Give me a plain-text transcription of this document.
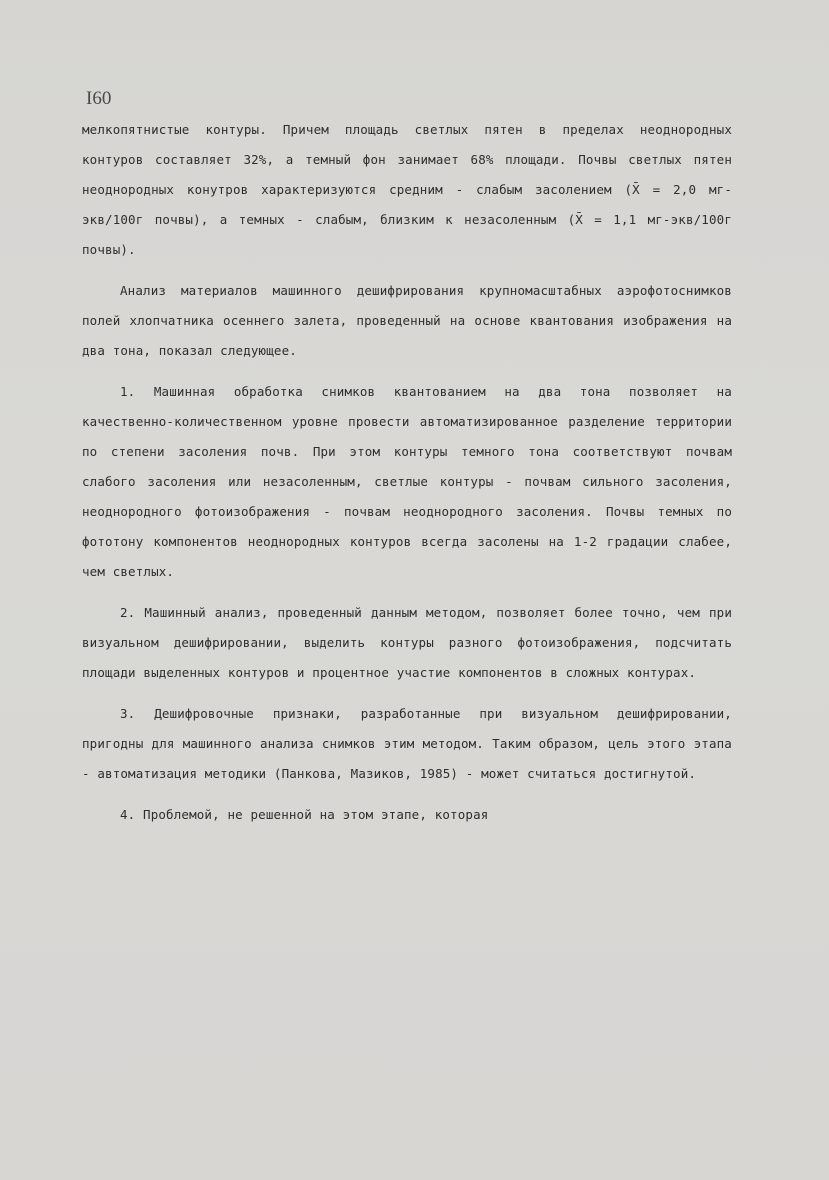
I60

мелкопятнистые контуры. Причем площадь светлых пятен в пределах неоднородных контуров составляет 32%, а темный фон занимает 68% площади. Почвы светлых пятен неоднородных конутров характеризуются средним - слабым засолением (X̄ = 2,0 мг-экв/100г почвы), а темных - слабым, близким к незасоленным (X̄ = 1,1 мг-экв/100г почвы).

Анализ материалов машинного дешифрирования крупномасштабных аэрофотоснимков полей хлопчатника осеннего залета, проведенный на основе квантования изображения на два тона, показал следующее.

1. Машинная обработка снимков квантованием на два тона позволяет на качественно-количественном уровне провести автоматизированное разделение территории по степени засоления почв. При этом контуры темного тона соответствуют почвам слабого засоления или незасоленным, светлые контуры - почвам сильного засоления, неоднородного фотоизображения - почвам неоднородного засоления. Почвы темных по фототону компонентов неоднородных контуров всегда засолены на 1-2 градации слабее, чем светлых.

2. Машинный анализ, проведенный данным методом, позволяет более точно, чем при визуальном дешифрировании, выделить контуры разного фотоизображения, подсчитать площади выделенных контуров и процентное участие компонентов в сложных контурах.

3. Дешифровочные признаки, разработанные при визуальном дешифрировании, пригодны для машинного анализа снимков этим методом. Таким образом, цель этого этапа - автоматизация методики (Панкова, Мазиков, 1985) - может считаться достигнутой.

4. Проблемой, не решенной на этом этапе, которая
